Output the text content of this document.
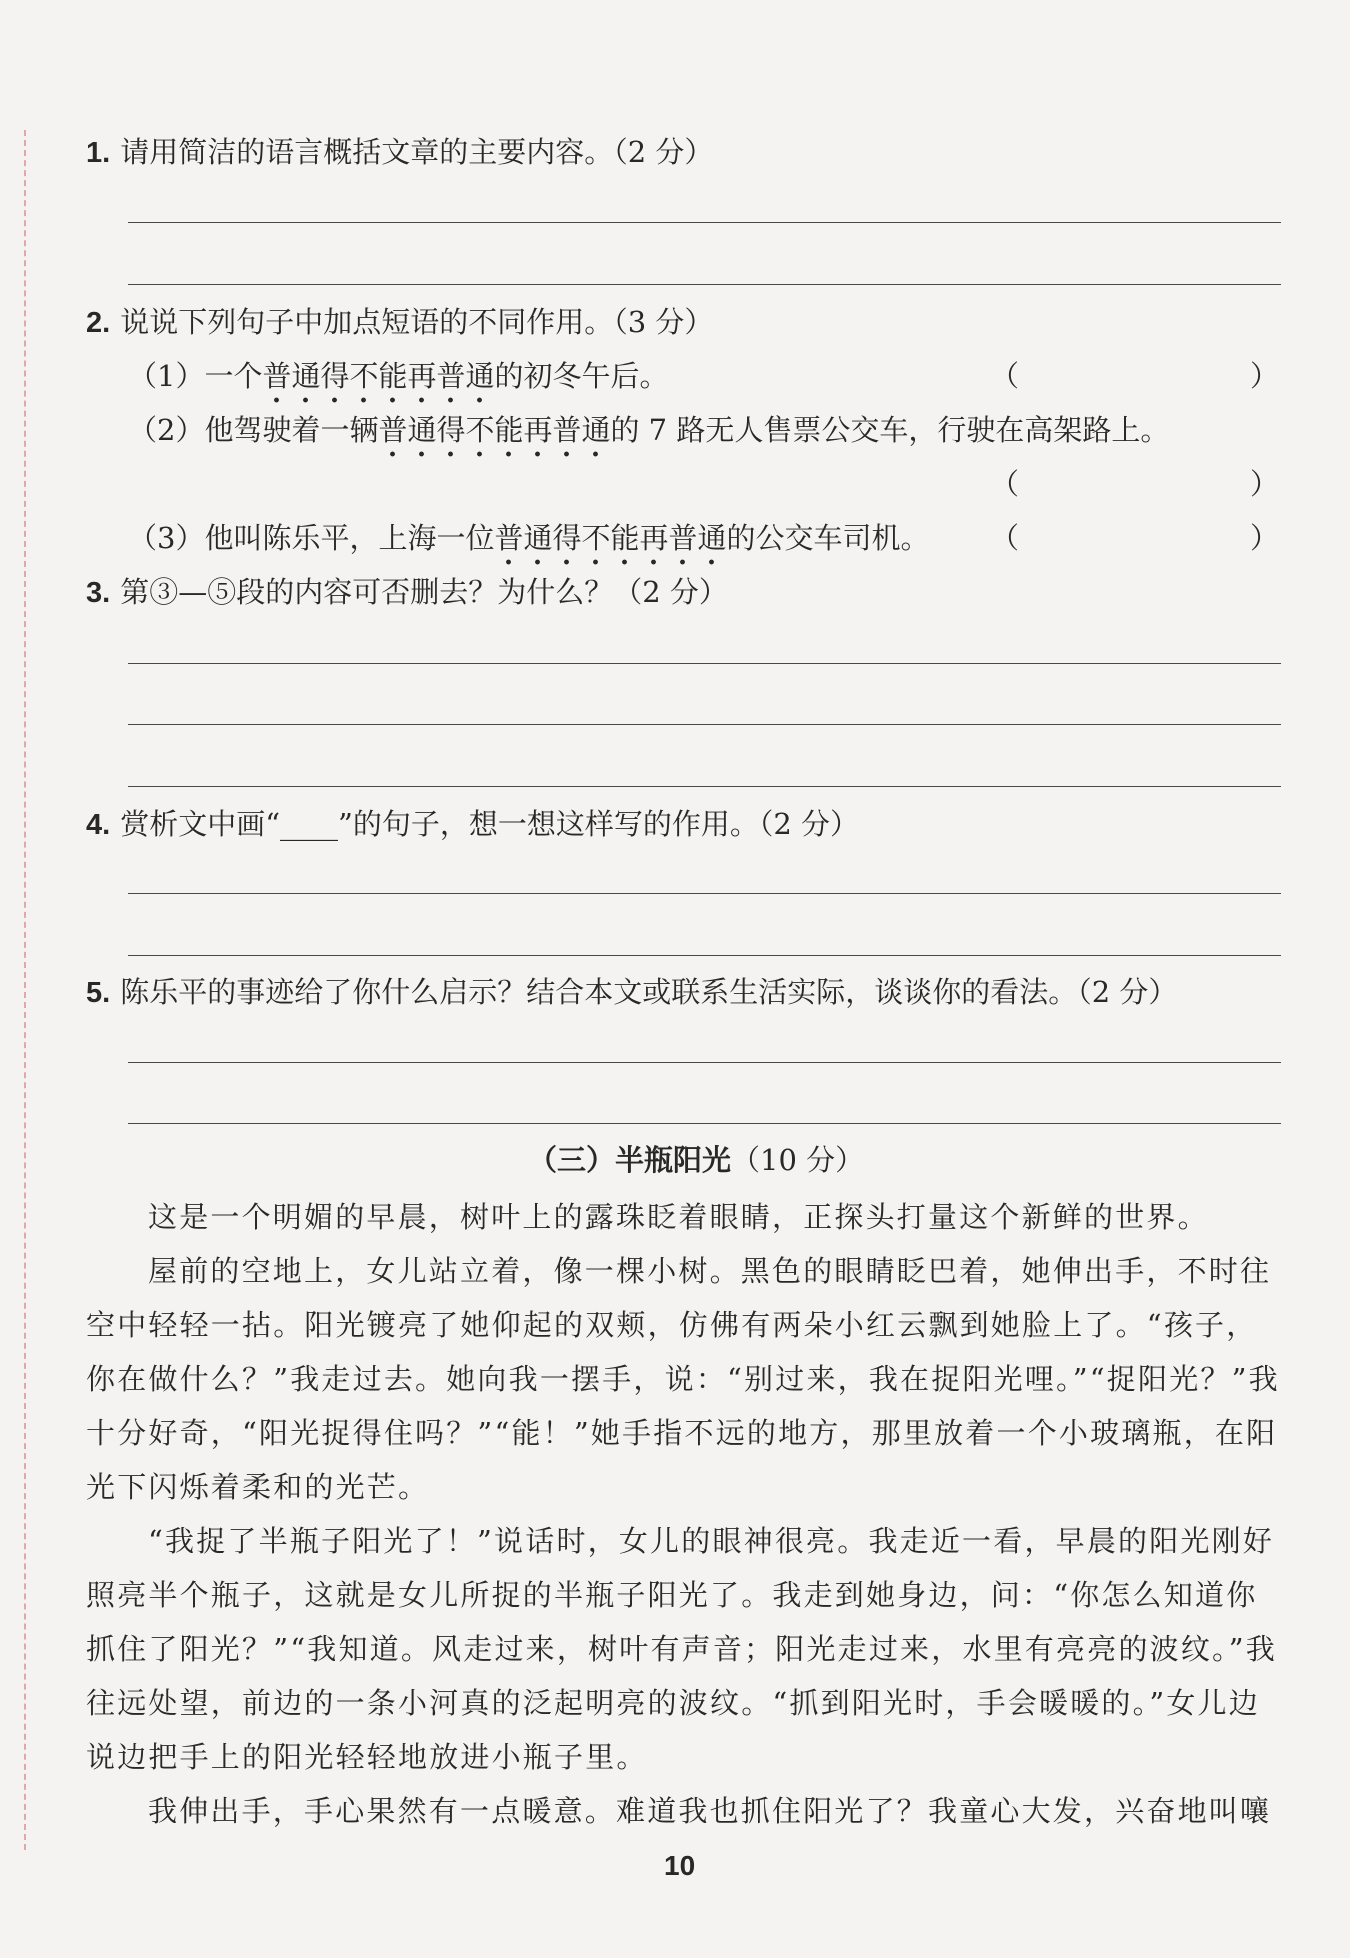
1. 请用简洁的语言概括文章的主要内容。（2 分）
2. 说说下列句子中加点短语的不同作用。（3 分）
（1）一个普通得不能再普通的初冬午后。	（	）
（2）他驾驶着一辆普通得不能再普通的 7 路无人售票公交车，行驶在高架路上。
（	）
（3）他叫陈乐平，上海一位普通得不能再普通的公交车司机。 （	）
3. 第③—⑤段的内容可否删去？为什么？（2 分）
4. 赏析文中画“____”的句子，想一想这样写的作用。（2 分）
5. 陈乐平的事迹给了你什么启示？结合本文或联系生活实际，谈谈你的看法。（2 分）
（三）半瓶阳光（10 分）

这是一个明媚的早晨，树叶上的露珠眨着眼睛，正探头打量这个新鲜的世界。

屋前的空地上，女儿站立着，像一棵小树。黑色的眼睛眨巴着，她伸出手，不时往空中轻轻一拈。阳光镀亮了她仰起的双颊，仿佛有两朵小红云飘到她脸上了。“孩子，你在做什么？”我走过去。她向我一摆手，说：“别过来，我在捉阳光哩。”“捉阳光？”我十分好奇，“阳光捉得住吗？”“能！”她手指不远的地方，那里放着一个小玻璃瓶，在阳光下闪烁着柔和的光芒。

“我捉了半瓶子阳光了！”说话时，女儿的眼神很亮。我走近一看，早晨的阳光刚好照亮半个瓶子，这就是女儿所捉的半瓶子阳光了。我走到她身边，问：“你怎么知道你抓住了阳光？”“我知道。风走过来，树叶有声音；阳光走过来，水里有亮亮的波纹。”我往远处望，前边的一条小河真的泛起明亮的波纹。“抓到阳光时，手会暖暖的。”女儿边说边把手上的阳光轻轻地放进小瓶子里。

我伸出手，手心果然有一点暖意。难道我也抓住阳光了？我童心大发，兴奋地叫嚷

10
